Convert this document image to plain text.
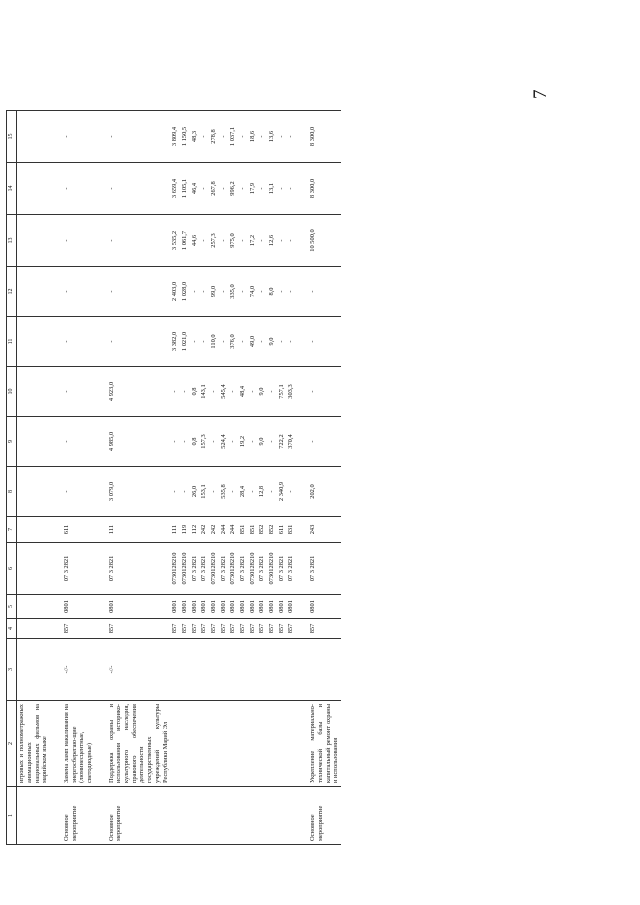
7
1	2	3	4	5	6	7	8	9	10	11	12	13	14	15
	игровых и полнометражных анимационных национальных фильмов на марийском языке													

Основное мероприятие	Замена ламп накаливания на энергосберегаю-щие (люминесцентные, светодиодные)	-//-	857	0801	07 3 2821	611	-	-	-	-	-	-	-	-

Основное мероприятие	Поддержка охраны и использования историко-культурного наследия, правового обеспечения деятельности государственных учреждений культуры Республики Марий Эл	-//-	857	0801	07 3 2821	111	3 079,0	4 985,0	4 923,0	-	-	-	-	-
			857	0801	0730128210	111	-	-	-	3 382,0	2 403,0	3 535,2	3 659,4	3 809,4
			857	0801	0730128210	119	-	-	-	1 021,0	1 028,0	1 061,7	1 105,1	1 150,5
			857	0801	07 3 2821	112	26,0	0,8	0,8	-	-	44,6	46,4	48,3
			857	0801	07 3 2821	242	153,1	157,3	143,1	-	-	-	-	-
			857	0801	0730128210	242	-	-	-	110,0	99,0	257,3	267,8	278,8
			857	0801	07 3 2821	244	535,8	524,4	545,4	-	-	-	-	-
			857	0801	0730128210	244	-	-	-	376,0	335,0	975,0	996,2	1 037,1
			857	0801	07 3 2821	851	28,4	19,2	48,4	-	-	-	-	-
			857	0801	0730128210	851	-	-	-	49,0	74,0	17,2	17,9	18,6
			857	0801	07 3 2821	852	12,8	9,0	9,0	-	-	-	-	-
			857	0801	0730128210	852	-	-	-	9,0	8,0	12,6	13,1	13,6
			857	0801	07 3 2821	611	2 340,9	722,2	757,1	-	-	-	-	-
			857	0801	07 3 2821	831	-	370,4	303,3	-	-	-	-	-

Основное мероприятие	Укрепление материально-технической базы и капитальный ремонт охраны и использования		857	0801	07 3 2821	243	202,0	-	-	-	-	10 500,0	8 300,0	8 300,0
